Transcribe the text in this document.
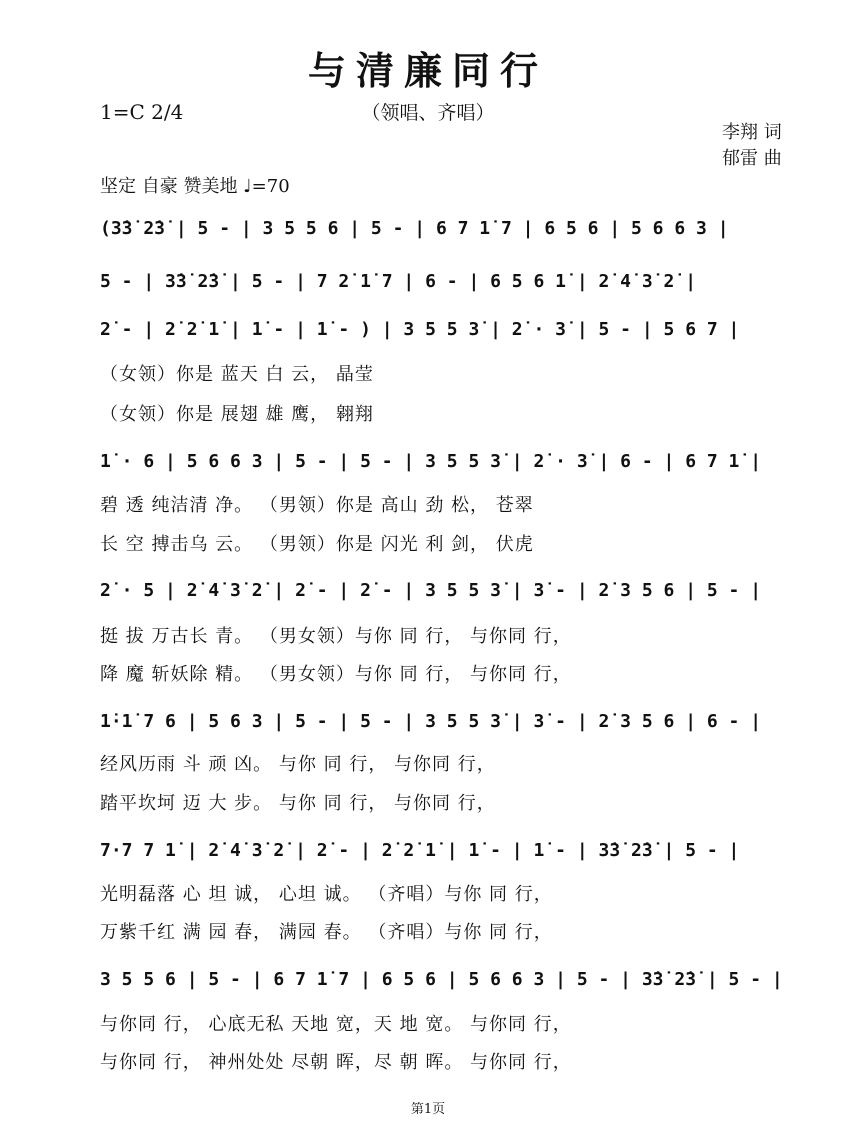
与清廉同行
（领唱、齐唱）
1=C 2/4
李翔 词
郁雷 曲
坚定 自豪 赞美地 ♩=70
(3̇3̇ 2̇3̇ | 5 - | 3 5 5 6 | 5 - | 6 7 1̇ 7 | 6 5 6 | 5 6 6 3 |
5 - | 3̇3̇ 2̇3̇ | 5 - | 7 2̇ 1̇ 7 | 6 - | 6 5 6 1̇ | 2̇ 4̇ 3̇ 2̇ |
2̇ - | 2̇ 2̇ 1̇ | 1̇ - | 1̇ - ) | 3 5 5 3̇ | 2̇ · 3̇ | 5 - | 5 6 7 |
（女领）你是 蓝天 白 云， 晶莹
（女领）你是 展翅 雄 鹰， 翱翔
1̇ · 6 | 5 6 6 3 | 5 - | 5 - | 3 5 5 3̇ | 2̇ · 3̇ | 6 - | 6 7 1̇ |
碧 透 纯洁清 净。 （男领）你是 高山 劲 松， 苍翠
长 空 搏击乌 云。 （男领）你是 闪光 利 剑， 伏虎
2̇ · 5 | 2̇ 4̇ 3̇ 2̇ | 2̇ - | 2̇ - | 3 5 5 3̇ | 3̇ - | 2̇ 3 5 6 | 5 - |
挺 拔 万古长 青。 （男女领）与你 同 行， 与你同 行，
降 魔 斩妖除 精。 （男女领）与你 同 行， 与你同 行，
1̇·1̇ 7 6 | 5 6 3 | 5 - | 5 - | 3 5 5 3̇ | 3̇ - | 2̇ 3 5 6 | 6 - |
经风历雨 斗 顽 凶。 与你 同 行， 与你同 行，
踏平坎坷 迈 大 步。 与你 同 行， 与你同 行，
7·7 7 1̇ | 2̇ 4̇ 3̇ 2̇ | 2̇ - | 2̇ 2̇ 1̇ | 1̇ - | 1̇ - | 3̇3̇ 2̇3̇ | 5 - |
光明磊落 心 坦 诚， 心坦 诚。 （齐唱）与你 同 行，
万紫千红 满 园 春， 满园 春。 （齐唱）与你 同 行，
3 5 5 6 | 5 - | 6 7 1̇ 7 | 6 5 6 | 5 6 6 3 | 5 - | 3̇3̇ 2̇3̇ | 5 - |
与你同 行， 心底无私 天地 宽，天 地 宽。 与你同 行，
与你同 行， 神州处处 尽朝 晖，尽 朝 晖。 与你同 行，
第1页
